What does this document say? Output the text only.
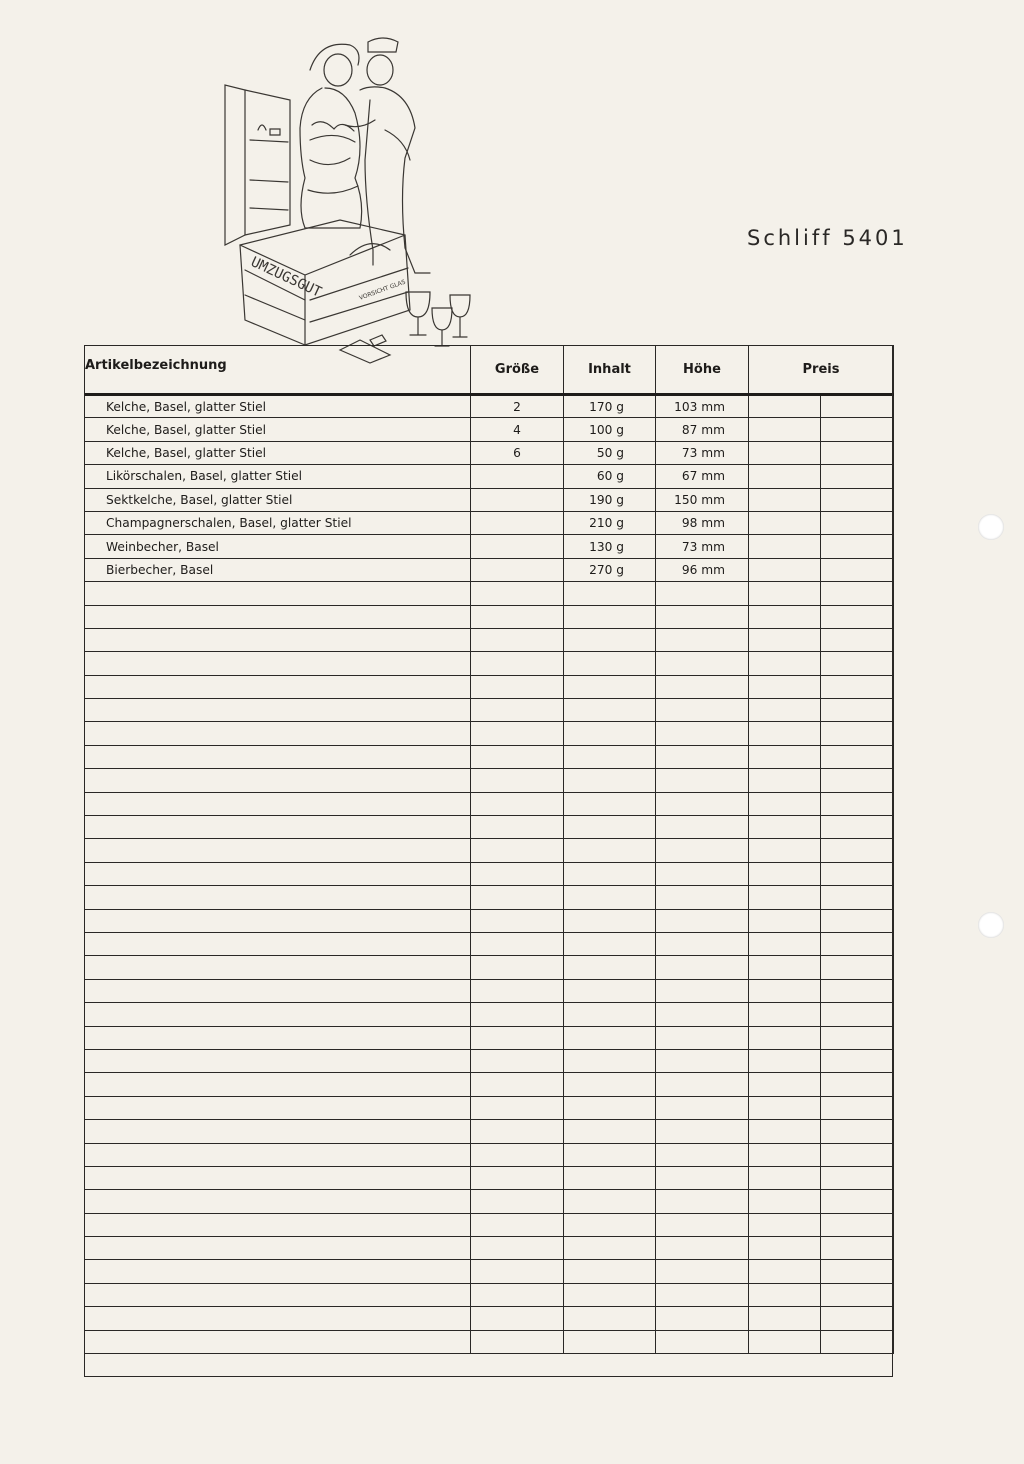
UMZUGSGUT	VORSICHT GLAS
Schliff 5401
Artikelbezeichnung	Größe	Inhalt	Höhe	Preis	
Kelche, Basel, glatter Stiel	2	170 g	103 mm		
Kelche, Basel, glatter Stiel	4	100 g	87 mm		
Kelche, Basel, glatter Stiel	6	50 g	73 mm		
Likörschalen, Basel, glatter Stiel		60 g	67 mm		
Sektkelche, Basel, glatter Stiel		190 g	150 mm		
Champagnerschalen, Basel, glatter Stiel		210 g	98 mm		
Weinbecher, Basel		130 g	73 mm		
Bierbecher, Basel		270 g	96 mm		
